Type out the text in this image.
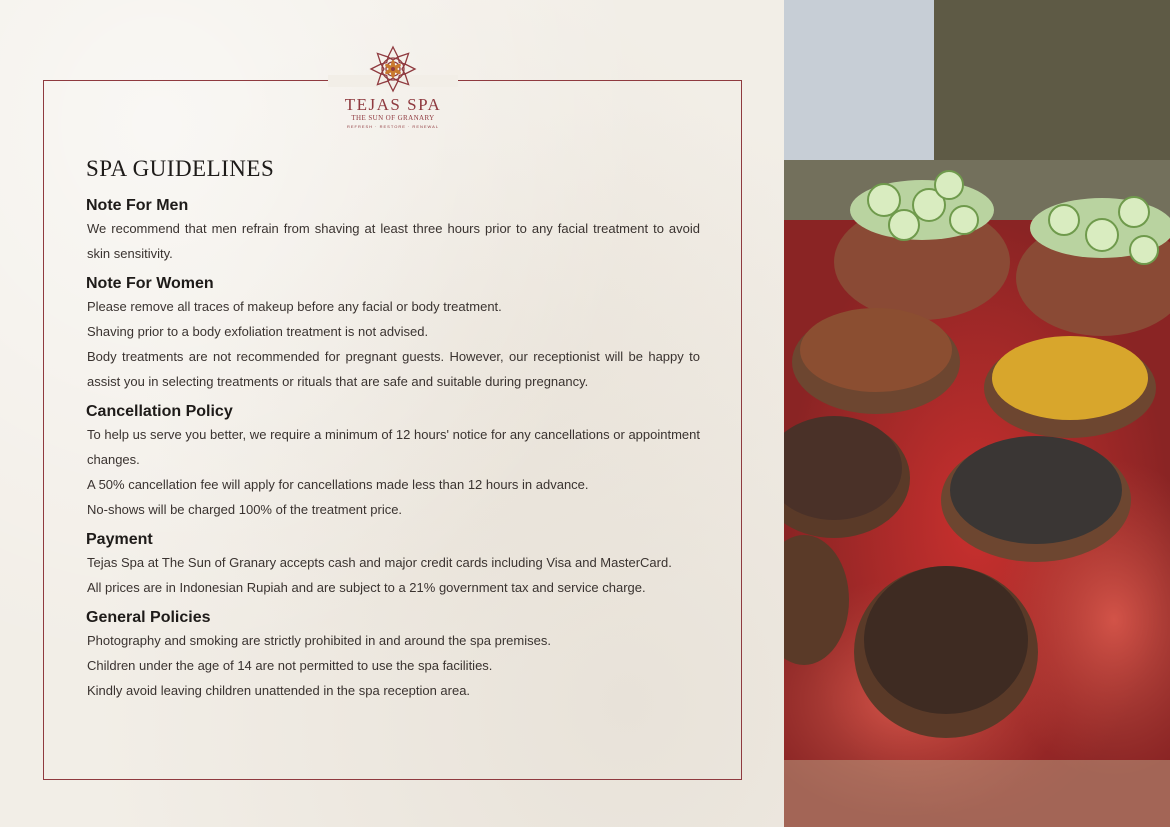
TEJAS SPA
THE SUN OF GRANARY
REFRESH · RESTORE · RENEWAL
SPA GUIDELINES
Note For Men
We recommend that men refrain from shaving at least three hours prior to any facial treatment to avoid skin sensitivity.
Note For Women
Please remove all traces of makeup before any facial or body treatment.
Shaving prior to a body exfoliation treatment is not advised.
Body treatments are not recommended for pregnant guests. However, our receptionist will be happy to assist you in selecting treatments or rituals that are safe and suitable during pregnancy.
Cancellation Policy
To help us serve you better, we require a minimum of 12 hours' notice for any cancellations or appointment changes.
A 50% cancellation fee will apply for cancellations made less than 12 hours in advance.
No-shows will be charged 100% of the treatment price.
Payment
Tejas Spa at The Sun of Granary accepts cash and major credit cards including Visa and MasterCard.
All prices are in Indonesian Rupiah and are subject to a 21% government tax and service charge.
General Policies
Photography and smoking are strictly prohibited in and around the spa premises.
Children under the age of 14 are not permitted to use the spa facilities.
Kindly avoid leaving children unattended in the spa reception area.
